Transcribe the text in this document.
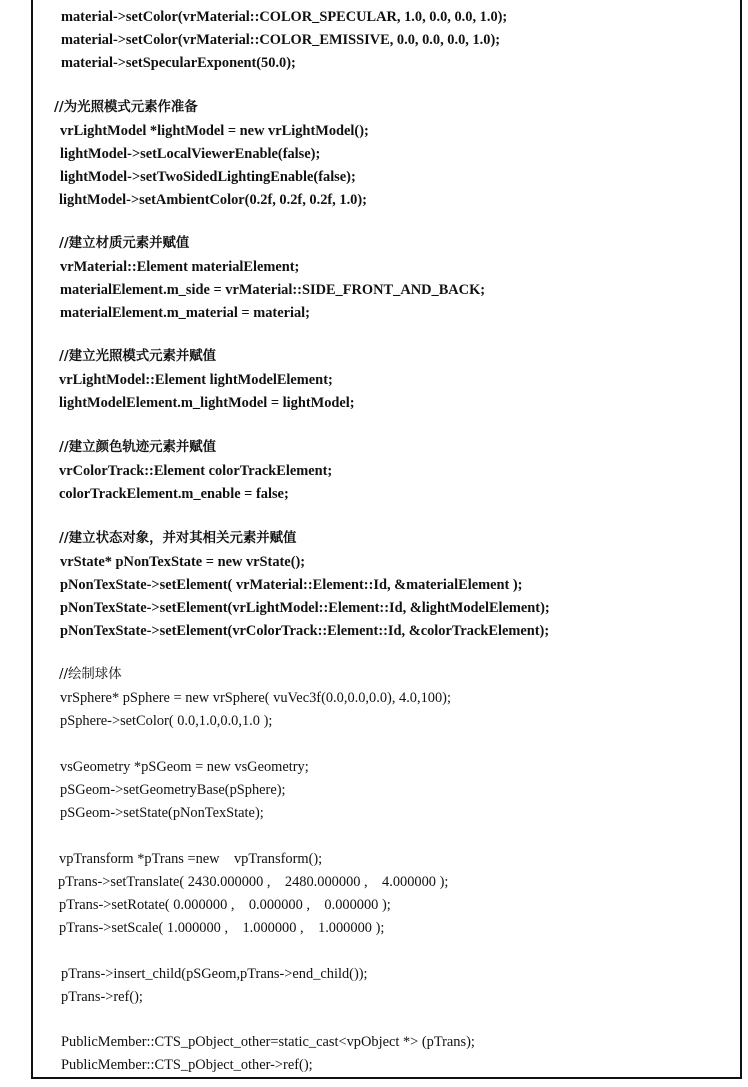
material->setColor(vrMaterial::COLOR_SPECULAR, 1.0, 0.0, 0.0, 1.0);
material->setColor(vrMaterial::COLOR_EMISSIVE, 0.0, 0.0, 0.0, 1.0);
material->setSpecularExponent(50.0);
//为光照模式元素作准备
vrLightModel *lightModel = new vrLightModel();
lightModel->setLocalViewerEnable(false);
lightModel->setTwoSidedLightingEnable(false);
lightModel->setAmbientColor(0.2f, 0.2f, 0.2f, 1.0);
//建立材质元素并赋值
vrMaterial::Element materialElement;
materialElement.m_side = vrMaterial::SIDE_FRONT_AND_BACK;
materialElement.m_material = material;
//建立光照模式元素并赋值
vrLightModel::Element lightModelElement;
lightModelElement.m_lightModel = lightModel;
//建立颜色轨迹元素并赋值
vrColorTrack::Element colorTrackElement;
colorTrackElement.m_enable = false;
//建立状态对象，并对其相关元素并赋值
vrState* pNonTexState = new vrState();
pNonTexState->setElement( vrMaterial::Element::Id, &materialElement );
pNonTexState->setElement(vrLightModel::Element::Id, &lightModelElement);
pNonTexState->setElement(vrColorTrack::Element::Id, &colorTrackElement);
//绘制球体
vrSphere* pSphere = new vrSphere( vuVec3f(0.0,0.0,0.0), 4.0,100);
pSphere->setColor( 0.0,1.0,0.0,1.0 );
vsGeometry *pSGeom = new vsGeometry;
pSGeom->setGeometryBase(pSphere);
pSGeom->setState(pNonTexState);
vpTransform *pTrans =new    vpTransform();
pTrans->setTranslate( 2430.000000 ,    2480.000000 ,    4.000000 );
pTrans->setRotate( 0.000000 ,    0.000000 ,    0.000000 );
pTrans->setScale( 1.000000 ,    1.000000 ,    1.000000 );
pTrans->insert_child(pSGeom,pTrans->end_child());
pTrans->ref();
PublicMember::CTS_pObject_other=static_cast<vpObject *> (pTrans);
PublicMember::CTS_pObject_other->ref();
